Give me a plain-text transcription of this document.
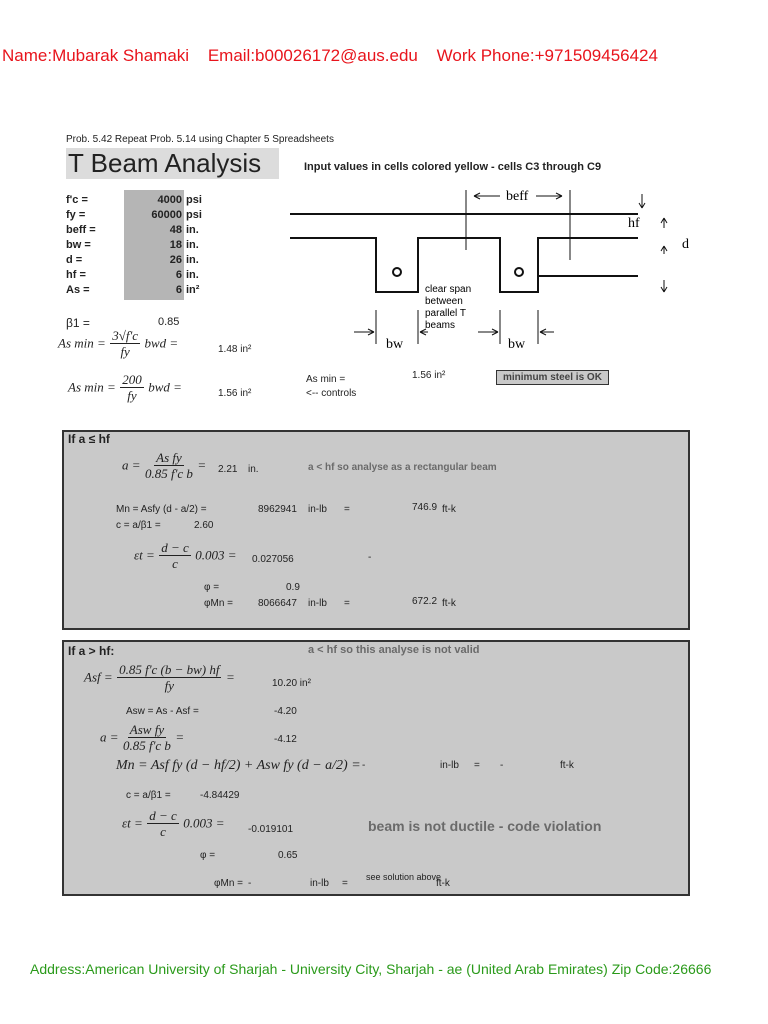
Name:Mubarak Shamaki Email:b00026172@aus.edu Work Phone:+971509456424
Prob. 5.42 Repeat Prob. 5.14 using Chapter 5 Spreadsheets
T Beam Analysis	Input values in cells colored yellow - cells C3 through C9
f'c =	4000 psi
fy =	60000 psi
beff =	48 in.
bw =	18 in.
d =	26 in.
hf =	6 in.
As =	6 in²
β1 =	0.85
As $\min = \frac{3√f'c}{fy}$ bwd =	1.48 in²
As $\min = \frac{200}{fy}$ bwd =	1.56 in²	<-- controls
As min =	1.56 in²	minimum steel is OK
beff
hf
d
bw	bw
clear span
between
parallel T
beams
If a ≤ hf
$a = \frac{\text{As fy}}{\text{0.85 f'c b}} = 2.21$ in.	a < hf so analyse as a rectangular beam
Mn = Asfy (d - a/2) =	8962941 in-lb =	746.9 ft-k
c = a/β1 =	2.60
$\varepsilon t = \frac{d - c}{c} 0.003 = 0.027056$	-
φ =	0.9
φMn =	8066647 in-lb =	672.2 ft-k
If a > hf:	a < hf so this analyse is not valid
Asf = $\frac{0.85 f'c (b - bw) hf}{fy}$ =	10.20 in²
Asw = As - Asf =	-4.20
a =
Asw fy
0.85 f'c b
=	-4.12
Mn = Asf fy (d − hf/2) + Asw fy (d − a/2) = -	in-lb = -	ft-k
c = a/β1 =	-4.84429
$\varepsilon t = \frac{d - c}{c} 0.003 = -0.019101$	beam is not ductile - code violation
φ =	0.65
φMn = -	in-lb =
see solution above
ft-k
Address:American University of Sharjah - University City, Sharjah - ae (United Arab Emirates) Zip Code:26666
